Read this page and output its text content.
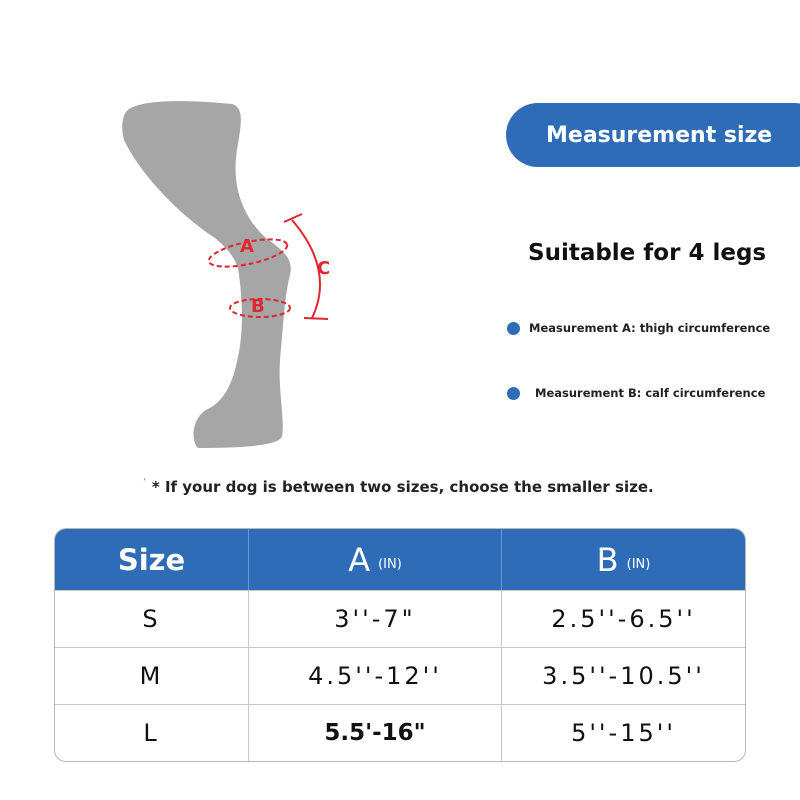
A
B
C
Measurement size
Suitable for 4 legs
Measurement A: thigh circumference
Measurement B: calf circumference
$^ʼ$ * If your dog is between two sizes, choose the smaller size.
Size	A (IN)	B (IN)
S	3''-7"	2.5''-6.5''
M	4.5''-12''	3.5''-10.5''
L	5.5'-16"	5''-15''
